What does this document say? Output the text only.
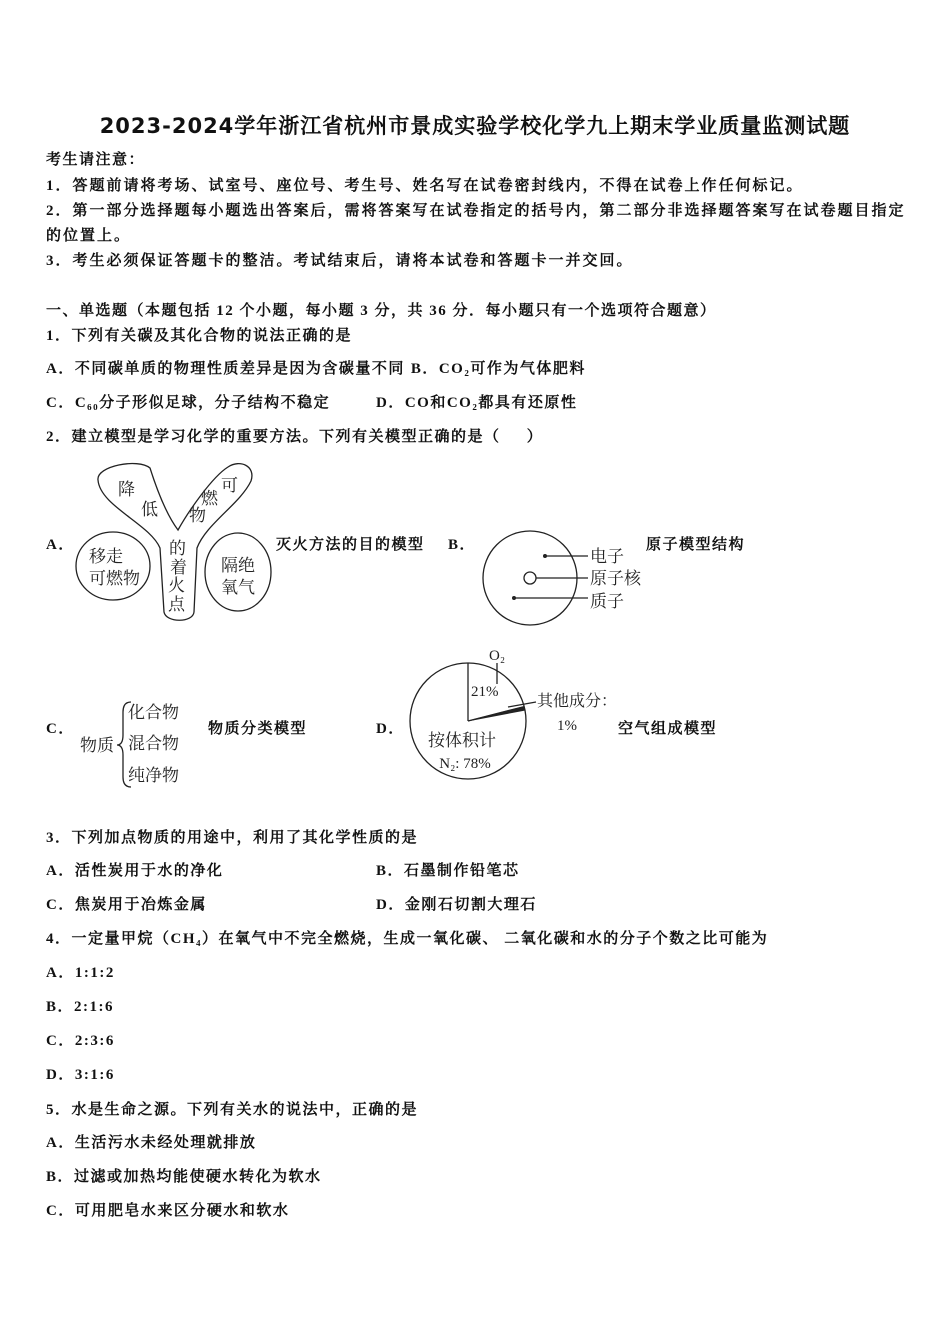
2023-2024学年浙江省杭州市景成实验学校化学九上期末学业质量监测试题
考生请注意：
1．答题前请将考场、试室号、座位号、考生号、姓名写在试卷密封线内，不得在试卷上作任何标记。
2．第一部分选择题每小题选出答案后，需将答案写在试卷指定的括号内，第二部分非选择题答案写在试卷题目指定
的位置上。
3．考生必须保证答题卡的整洁。考试结束后，请将本试卷和答题卡一并交回。
一、单选题（本题包括 12 个小题，每小题 3 分，共 36 分．每小题只有一个选项符合题意）
1．下列有关碳及其化合物的说法正确的是
A．不同碳单质的物理性质差异是因为含碳量不同 B．CO₂可作为气体肥料
C．C₆₀分子形似足球，分子结构不稳定	D．CO和CO₂都具有还原性
2．建立模型是学习化学的重要方法。下列有关模型正确的是（     ）
A．
降低
可燃物
的着火点
移走
可燃物
隔绝
氧气
灭火方法的目的模型 B．
电子
原子核
质子
原子模型结构
C．
物质
化合物
混合物
纯净物
物质分类模型	D．
O₂
21%
其他成分：
1%
按体积计
N₂: 78%
空气组成模型
3．下列加点物质的用途中，利用了其化学性质的是
A．活性炭用于水的净化	B．石墨制作铅笔芯
C．焦炭用于冶炼金属	D．金刚石切割大理石
4．一定量甲烷（CH₄）在氧气中不完全燃烧，生成一氧化碳、 二氧化碳和水的分子个数之比可能为
A．1:1:2
B．2:1:6
C．2:3:6
D．3:1:6
5．水是生命之源。下列有关水的说法中，正确的是
A．生活污水未经处理就排放
B．过滤或加热均能使硬水转化为软水
C．可用肥皂水来区分硬水和软水
